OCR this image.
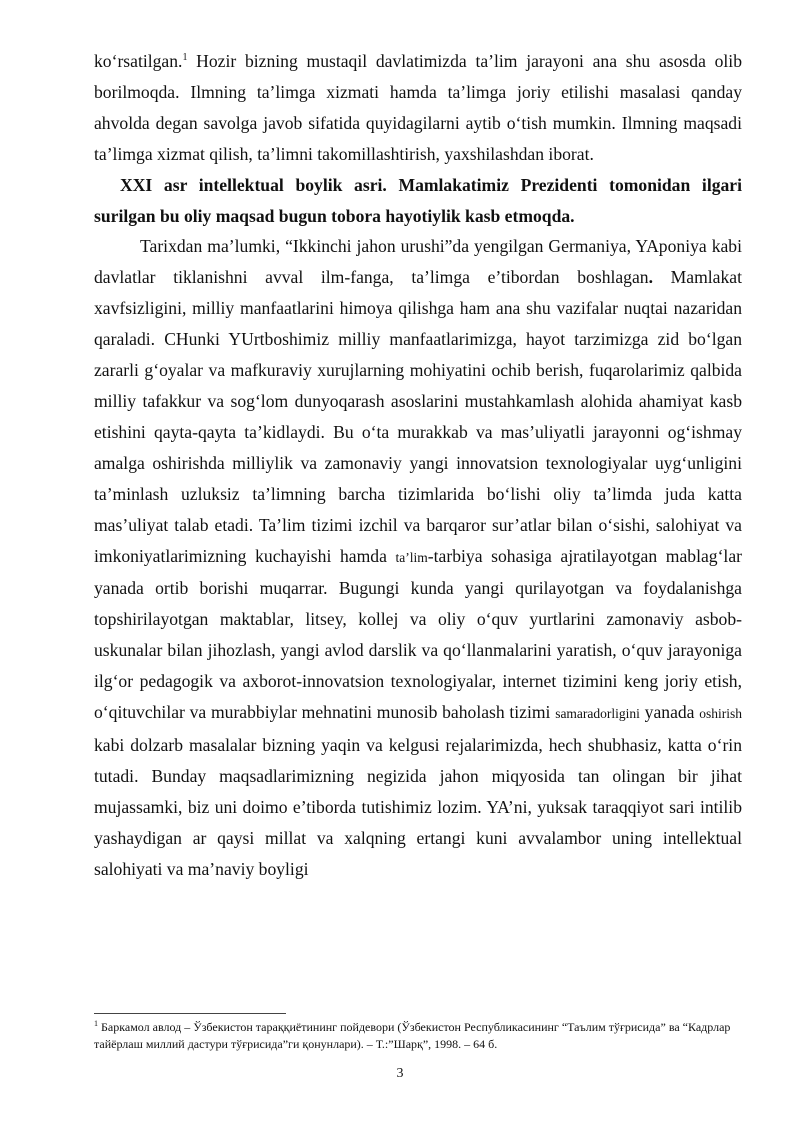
ko‘rsatilgan.$^1$ Hozir bizning mustaqil davlatimizda ta’lim jarayoni ana shu asosda olib borilmoqda. Ilmning ta’limga xizmati hamda ta’limga joriy etilishi masalasi qanday ahvolda degan savolga javob sifatida quyidagilarni aytib o‘tish mumkin. Ilmning maqsadi ta’limga xizmat qilish, ta’limni takomillashtirish, yaxshilashdan iborat.

XXI asr intellektual boylik asri. Mamlakatimiz Prezidenti tomonidan ilgari surilgan bu oliy maqsad bugun tobora hayotiylik kasb etmoqda.

Tarixdan ma’lumki, “Ikkinchi jahon urushi”da yengilgan Germaniya, YAponiya kabi davlatlar tiklanishni avval ilm-fanga, ta’limga e’tibordan boshlagan. Mamlakat xavfsizligini, milliy manfaatlarini himoya qilishga ham ana shu vazifalar nuqtai nazaridan qaraladi. CHunki YUrtboshimiz milliy manfaatlarimizga, hayot tarzimizga zid bo‘lgan zararli g‘oyalar va mafkuraviy xurujlarning mohiyatini ochib berish, fuqarolarimiz qalbida milliy tafakkur va sog‘lom dunyoqarash asoslarini mustahkamlash alohida ahamiyat kasb etishini qayta-qayta ta’kidlaydi. Bu o‘ta murakkab va mas’uliyatli jarayonni og‘ishmay amalga oshirishda milliylik va zamonaviy yangi innovatsion texnologiyalar uyg‘unligini ta’minlash uzluksiz ta’limning barcha tizimlarida bo‘lishi oliy ta’limda juda katta mas’uliyat talab etadi. Ta’lim tizimi izchil va barqaror sur’atlar bilan o‘sishi, salohiyat va imkoniyatlarimizning kuchayishi hamda ta’lim-tarbiya sohasiga ajratilayotgan mablag‘lar yanada ortib borishi muqarrar. Bugungi kunda yangi qurilayotgan va foydalanishga topshirilayotgan maktablar, litsey, kollej va oliy o‘quv yurtlarini zamonaviy asbob-uskunalar bilan jihozlash, yangi avlod darslik va qo‘llanmalarini yaratish, o‘quv jarayoniga ilg‘or pedagogik va axborot-innovatsion texnologiyalar, internet tizimini keng joriy etish, o‘qituvchilar va murabbiylar mehnatini munosib baholash tizimi samaradorligini yanada oshirish kabi dolzarb masalalar bizning yaqin va kelgusi rejalarimizda, hech shubhasiz, katta o‘rin tutadi. Bunday maqsadlarimizning negizida jahon miqyosida tan olingan bir jihat mujassamki, biz uni doimo e’tiborda tutishimiz lozim. YA’ni, yuksak taraqqiyot sari intilib yashaydigan ar qaysi millat va xalqning ertangi kuni avvalambor uning intellektual salohiyati va ma’naviy boyligi

$^1$ Баркамол авлод – Ўзбекистон тараққиётининг пойдевори (Ўзбекистон Республикасининг “Таълим тўғрисида” ва “Кадрлар тайёрлаш миллий дастури тўғрисида”ги қонунлари). – Т.:”Шарқ”, 1998. – 64 б.
3
